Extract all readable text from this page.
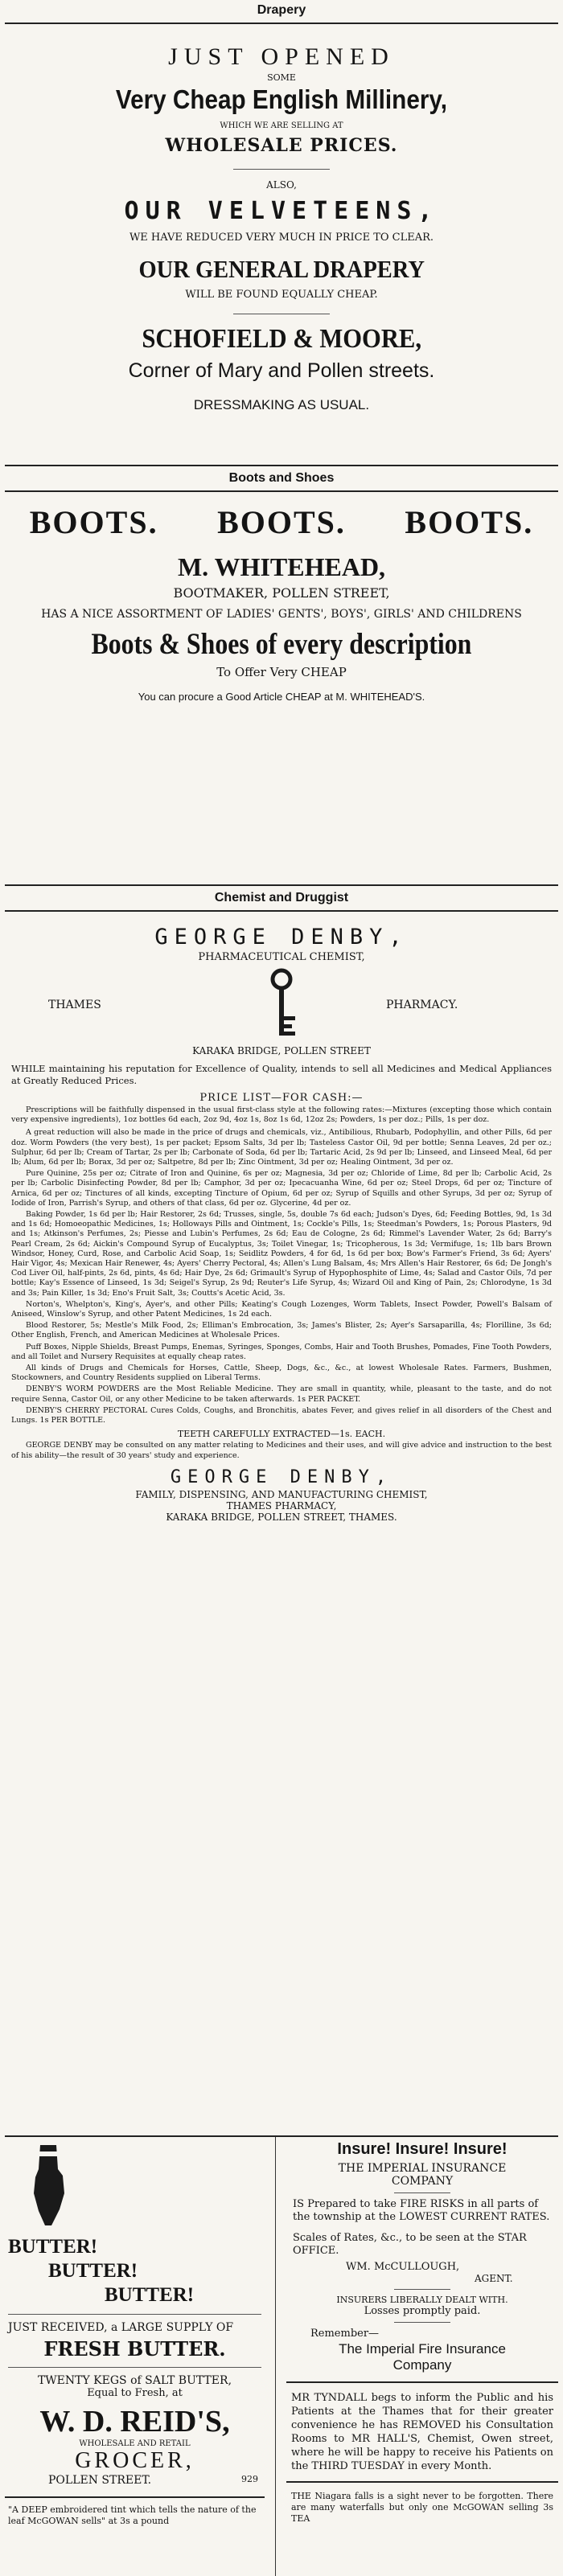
Drapery
JUST OPENED
SOME
Very Cheap English Millinery,
WHICH WE ARE SELLING AT
WHOLESALE PRICES.
ALSO,
OUR VELVETEENS,
WE HAVE REDUCED VERY MUCH IN PRICE TO CLEAR.
OUR GENERAL DRAPERY
WILL BE FOUND EQUALLY CHEAP.
SCHOFIELD & MOORE,
Corner of Mary and Pollen streets.
DRESSMAKING AS USUAL.
Boots and Shoes
BOOTS. BOOTS. BOOTS.
M. WHITEHEAD,
BOOTMAKER, POLLEN STREET,
HAS A NICE ASSORTMENT OF LADIES' GENTS', BOYS', GIRLS' AND CHILDRENS
Boots & Shoes of every description
To Offer Very CHEAP
You can procure a Good Article CHEAP at M. WHITEHEAD'S.
Chemist and Druggist
GEORGE DENBY,
PHARMACEUTICAL CHEMIST,
THAMES	PHARMACY.
KARAKA BRIDGE, POLLEN STREET
WHILE maintaining his reputation for Excellence of Quality, intends to sell all Medicines and Medical Appliances at Greatly Reduced Prices.
PRICE LIST—FOR CASH:—
Prescriptions will be faithfully dispensed in the usual first-class style at the following rates:—Mixtures (excepting those which contain very expensive ingredients), 1oz bottles 6d each, 2oz 9d, 4oz 1s, 8oz 1s 6d, 12oz 2s; Powders, 1s per doz.; Pills, 1s per doz.
A great reduction will also be made in the price of drugs and chemicals, viz., Antibilious, Rhubarb, Podophyllin, and other Pills, 6d per doz. Worm Powders (the very best), 1s per packet; Epsom Salts, 3d per lb; Tasteless Castor Oil, 9d per bottle; Senna Leaves, 2d per oz.; Sulphur, 6d per lb; Cream of Tartar, 2s per lb; Carbonate of Soda, 6d per lb; Tartaric Acid, 2s 9d per lb; Linseed, and Linseed Meal, 6d per lb; Alum, 6d per lb; Borax, 3d per oz; Saltpetre, 8d per lb; Zinc Ointment, 3d per oz; Healing Ointment, 3d per oz.
Pure Quinine, 25s per oz; Citrate of Iron and Quinine, 6s per oz; Magnesia, 3d per oz; Chloride of Lime, 8d per lb; Carbolic Acid, 2s per lb; Carbolic Disinfecting Powder, 8d per lb; Camphor, 3d per oz; Ipecacuanha Wine, 6d per oz; Steel Drops, 6d per oz; Tincture of Arnica, 6d per oz; Tinctures of all kinds, excepting Tincture of Opium, 6d per oz; Syrup of Squills and other Syrups, 3d per oz; Syrup of Iodide of Iron, Parrish's Syrup, and others of that class, 6d per oz. Glycerine, 4d per oz.
Baking Powder, 1s 6d per lb; Hair Restorer, 2s 6d; Trusses, single, 5s, double 7s 6d each; Judson's Dyes, 6d; Feeding Bottles, 9d, 1s 3d and 1s 6d; Homoeopathic Medicines, 1s; Holloways Pills and Ointment, 1s; Cockle's Pills, 1s; Steedman's Powders, 1s; Porous Plasters, 9d and 1s; Atkinson's Perfumes, 2s; Piesse and Lubin's Perfumes, 2s 6d; Eau de Cologne, 2s 6d; Rimmel's Lavender Water, 2s 6d; Barry's Pearl Cream, 2s 6d; Aickin's Compound Syrup of Eucalyptus, 3s; Toilet Vinegar, 1s; Tricopherous, 1s 3d; Vermifuge, 1s; 1lb bars Brown Windsor, Honey, Curd, Rose, and Carbolic Acid Soap, 1s; Seidlitz Powders, 4 for 6d, 1s 6d per box; Bow's Farmer's Friend, 3s 6d; Ayers' Hair Vigor, 4s; Mexican Hair Renewer, 4s; Ayers' Cherry Pectoral, 4s; Allen's Lung Balsam, 4s; Mrs Allen's Hair Restorer, 6s 6d; De Jongh's Cod Liver Oil, half-pints, 2s 6d, pints, 4s 6d; Hair Dye, 2s 6d; Grimault's Syrup of Hypophosphite of Lime, 4s; Salad and Castor Oils, 7d per bottle; Kay's Essence of Linseed, 1s 3d; Seigel's Syrup, 2s 9d; Reuter's Life Syrup, 4s; Wizard Oil and King of Pain, 2s; Chlorodyne, 1s 3d and 3s; Pain Killer, 1s 3d; Eno's Fruit Salt, 3s; Coutts's Acetic Acid, 3s.
Norton's, Whelpton's, King's, Ayer's, and other Pills; Keating's Cough Lozenges, Worm Tablets, Insect Powder, Powell's Balsam of Aniseed, Winslow's Syrup, and other Patent Medicines, 1s 2d each.
Blood Restorer, 5s; Mestle's Milk Food, 2s; Elliman's Embrocation, 3s; James's Blister, 2s; Ayer's Sarsaparilla, 4s; Florilline, 3s 6d; Other English, French, and American Medicines at Wholesale Prices.
Puff Boxes, Nipple Shields, Breast Pumps, Enemas, Syringes, Sponges, Combs, Hair and Tooth Brushes, Pomades, Fine Tooth Powders, and all Toilet and Nursery Requisites at equally cheap rates.
All kinds of Drugs and Chemicals for Horses, Cattle, Sheep, Dogs, &c., &c., at lowest Wholesale Rates. Farmers, Bushmen, Stockowners, and Country Residents supplied on Liberal Terms.
DENBY'S WORM POWDERS are the Most Reliable Medicine. They are small in quantity, while, pleasant to the taste, and do not require Senna, Castor Oil, or any other Medicine to be taken afterwards. 1s PER PACKET.
DENBY'S CHERRY PECTORAL Cures Colds, Coughs, and Bronchitis, abates Fever, and gives relief in all disorders of the Chest and Lungs. 1s PER BOTTLE.
TEETH CAREFULLY EXTRACTED—1s. EACH.
GEORGE DENBY may be consulted on any matter relating to Medicines and their uses, and will give advice and instruction to the best of his ability—the result of 30 years' study and experience.
GEORGE DENBY,
FAMILY, DISPENSING, AND MANUFACTURING CHEMIST,
THAMES PHARMACY,
KARAKA BRIDGE, POLLEN STREET, THAMES.
BUTTER!
BUTTER!
BUTTER!
JUST RECEIVED, a LARGE SUPPLY OF
FRESH BUTTER.
TWENTY KEGS of SALT BUTTER,
Equal to Fresh, at
W. D. REID'S,
WHOLESALE AND RETAIL
GROCER,
POLLEN STREET.	929
"A DEEP embroidered tint which tells the nature of the leaf McGOWAN sells" at 3s a pound
Insure! Insure! Insure!
THE IMPERIAL INSURANCE
COMPANY
IS Prepared to take FIRE RISKS in all parts of the township at the LOWEST CURRENT RATES.
Scales of Rates, &c., to be seen at the STAR OFFICE.
WM. McCULLOUGH,
AGENT.
INSURERS LIBERALLY DEALT WITH.
Losses promptly paid.
Remember—
The Imperial Fire Insurance
Company
MR TYNDALL begs to inform the Public and his Patients at the Thames that for their greater convenience he has REMOVED his Consultation Rooms to MR HALL'S, Chemist, Owen street, where he will be happy to receive his Patients on the THIRD TUESDAY in every Month.
THE Niagara falls is a sight never to be forgotten. There are many waterfalls but only one McGOWAN selling 3s TEA
